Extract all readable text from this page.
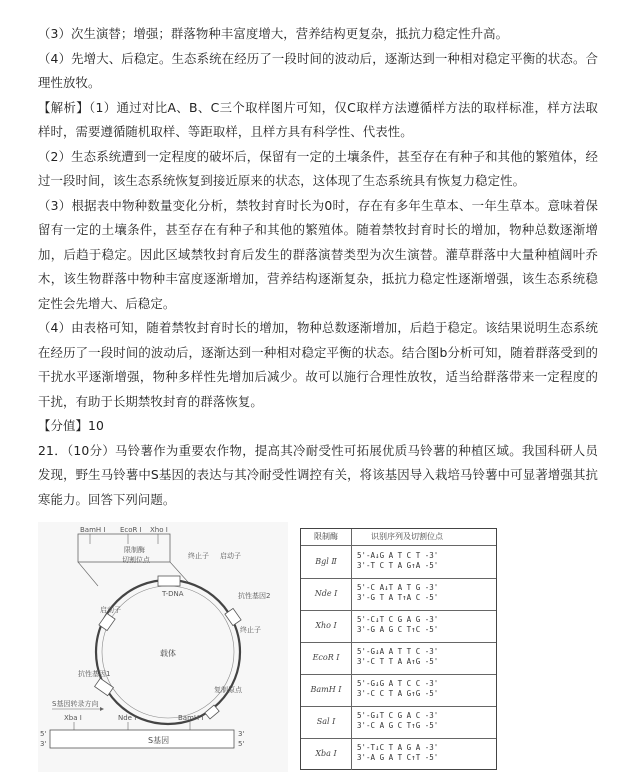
（3）次生演替；增强；群落物种丰富度增大，营养结构更复杂，抵抗力稳定性升高。

（4）先增大、后稳定。生态系统在经历了一段时间的波动后，逐渐达到一种相对稳定平衡的状态。合理性放牧。

【解析】（1）通过对比A、B、C三个取样图片可知，仅C取样方法遵循样方法的取样标准，样方法取样时，需要遵循随机取样、等距取样，且样方具有科学性、代表性。

（2）生态系统遭到一定程度的破坏后，保留有一定的土壤条件，甚至存在有种子和其他的繁殖体，经过一段时间，该生态系统恢复到接近原来的状态，这体现了生态系统具有恢复力稳定性。

（3）根据表中物种数量变化分析，禁牧封育时长为0时，存在有多年生草本、一年生草本。意味着保留有一定的土壤条件，甚至存在有种子和其他的繁殖体。随着禁牧封育时长的增加，物种总数逐渐增加，后趋于稳定。因此区域禁牧封育后发生的群落演替类型为次生演替。灌草群落中大量种植阔叶乔木，该生物群落中物种丰富度逐渐增加，营养结构逐渐复杂，抵抗力稳定性逐渐增强，该生态系统稳定性会先增大、后稳定。

（4）由表格可知，随着禁牧封育时长的增加，物种总数逐渐增加，后趋于稳定。该结果说明生态系统在经历了一段时间的波动后，逐渐达到一种相对稳定平衡的状态。结合图b分析可知，随着群落受到的干扰水平逐渐增强，物种多样性先增加后减少。故可以施行合理性放牧，适当给群落带来一定程度的干扰，有助于长期禁牧封育的群落恢复。

【分值】10

21．（10分）马铃薯作为重要农作物，提高其冷耐受性可拓展优质马铃薯的种植区域。我国科研人员发现，野生马铃薯中S基因的表达与其冷耐受性调控有关，将该基因导入栽培马铃薯中可显著增强其抗寒能力。回答下列问题。

BamH Ⅰ EcoR Ⅰ Xho Ⅰ
限制酶
切割位点	终止子 启动子
T-DNA
启动子
抗性基因2
终止子
载体
抗性基因1
复制原点
S基因转录方向
Xba Ⅰ	Nde Ⅰ	BamH Ⅰ
5'
3'	S基因
3'
5'
限制酶	识别序列及切割位点
Bgl Ⅱ
5'-A↓G A T C T -3'
3'-T C T A G↑A -5'
Nde Ⅰ
5'-C A↓T A T G -3'
3'-G T A T↑A C -5'
Xho Ⅰ
5'-C↓T C G A G -3'
3'-G A G C T↑C -5'
EcoR Ⅰ
5'-G↓A A T T C -3'
3'-C T T A A↑G -5'
BamH Ⅰ
5'-G↓G A T C C -3'
3'-C C T A G↑G -5'
Sal Ⅰ
5'-G↓T C G A C -3'
3'-C A G C T↑G -5'
Xba Ⅰ
5'-T↓C T A G A -3'
3'-A G A T C↑T -5'
